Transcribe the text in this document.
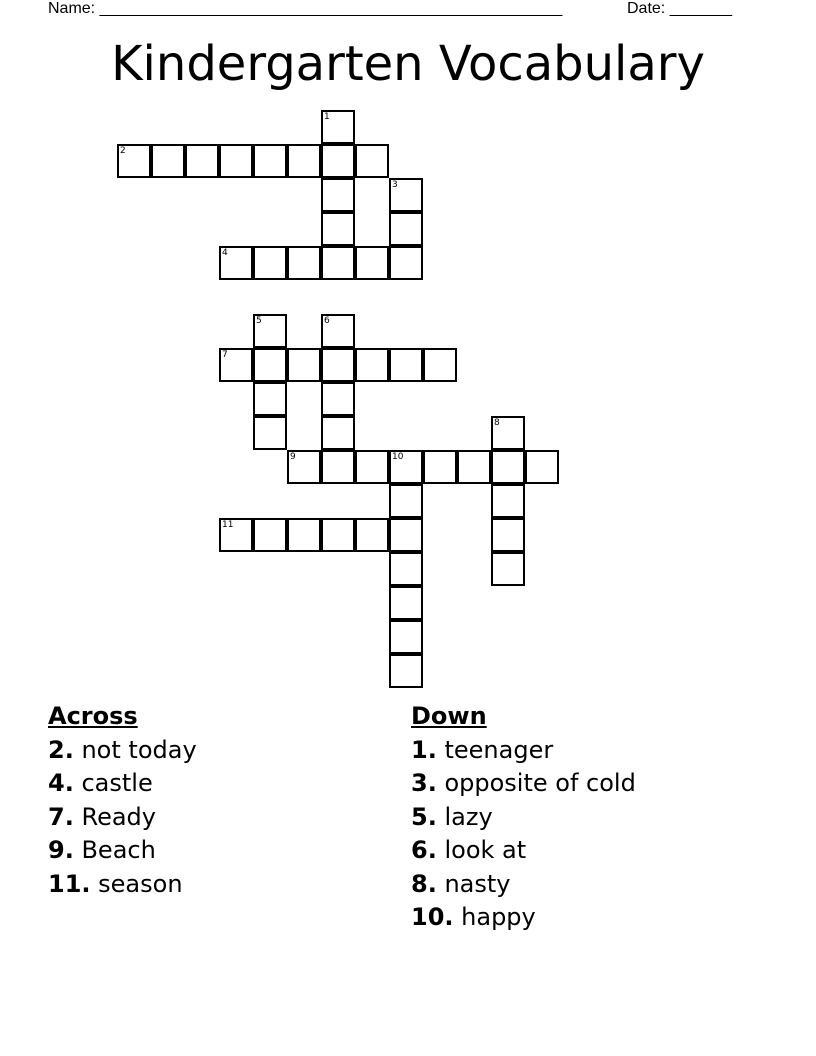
Name: ____________________________________________________	Date: _______
Kindergarten Vocabulary
1
2
3
4
5	6
7
8
9	10
11
Across
2. not today
4. castle
7. Ready
9. Beach
11. season
Down
1. teenager
3. opposite of cold
5. lazy
6. look at
8. nasty
10. happy
